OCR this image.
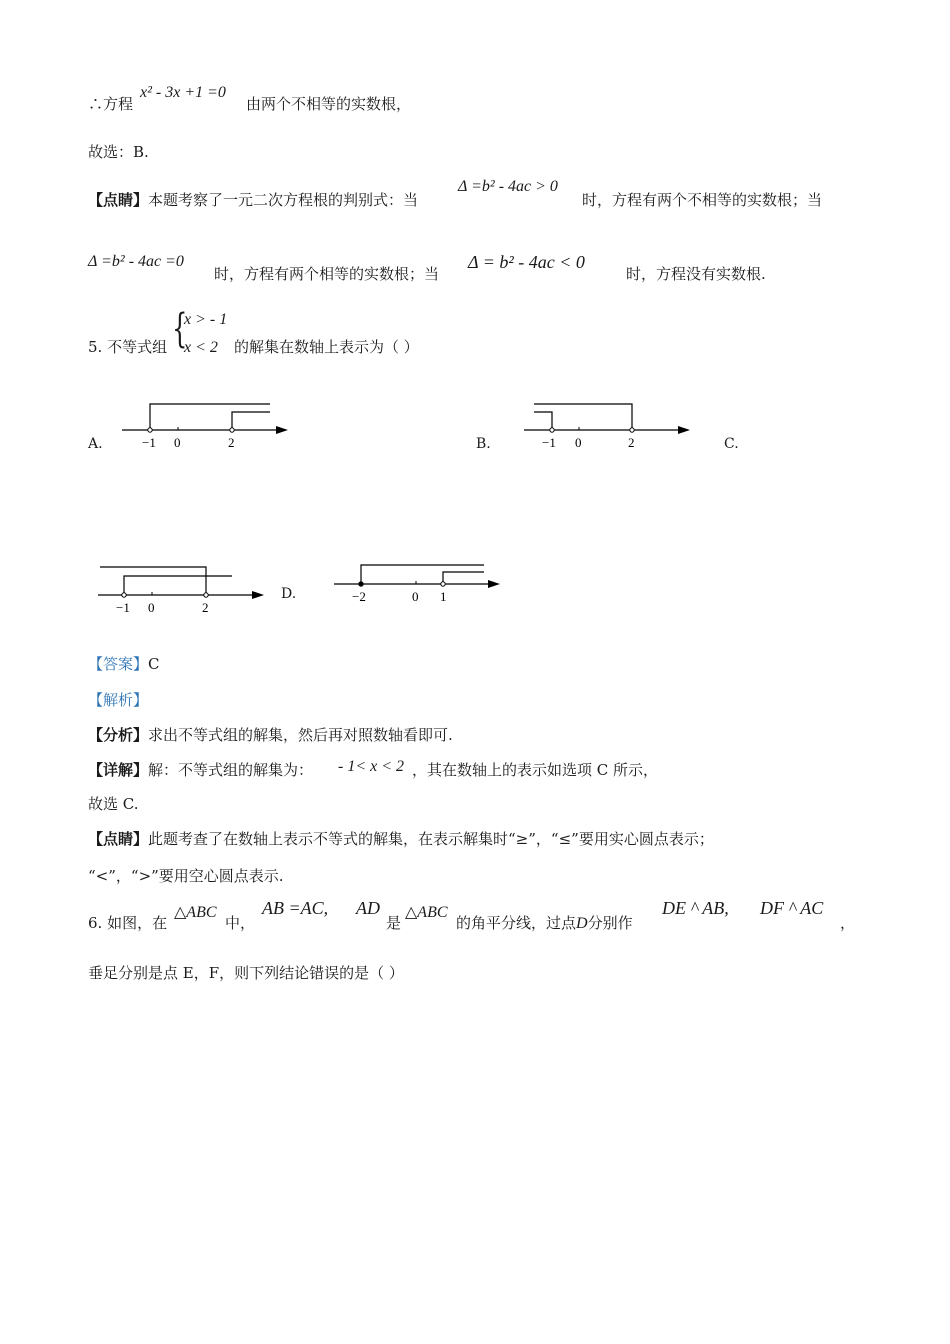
∴方程
x² - 3x +1 =0
由两个不相等的实数根，
故选：B.
【点睛】本题考察了一元二次方程根的判别式：当
Δ =b² - 4ac > 0
时，方程有两个不相等的实数根；当
Δ =b² - 4ac =0
时，方程有两个相等的实数根；当
Δ = b² - 4ac < 0
时，方程没有实数根.
5. 不等式组 {
x > - 1
x < 2 的解集在数轴上表示为（ ）
A.	−1 0	2	B.	−1 0	2	C.
−1 0	2
D.	−2	0 1
【答案】C
【解析】
【分析】求出不等式组的解集，然后再对照数轴看即可.
【详解】解：不等式组的解集为： - 1< x < 2 ，其在数轴上的表示如选项 C 所示，
故选 C.
【点睛】此题考查了在数轴上表示不等式的解集，在表示解集时“≥”，“≤”要用实心圆点表示；
“<”，“>”要用空心圆点表示.
6. 如图，在
△ABC
中，
AB =AC, AD
是
△ABC
的角平分线，过点D分别作
DE ^ AB, DF ^ AC
，
垂足分别是点 E，F，则下列结论错误的是（ ）
